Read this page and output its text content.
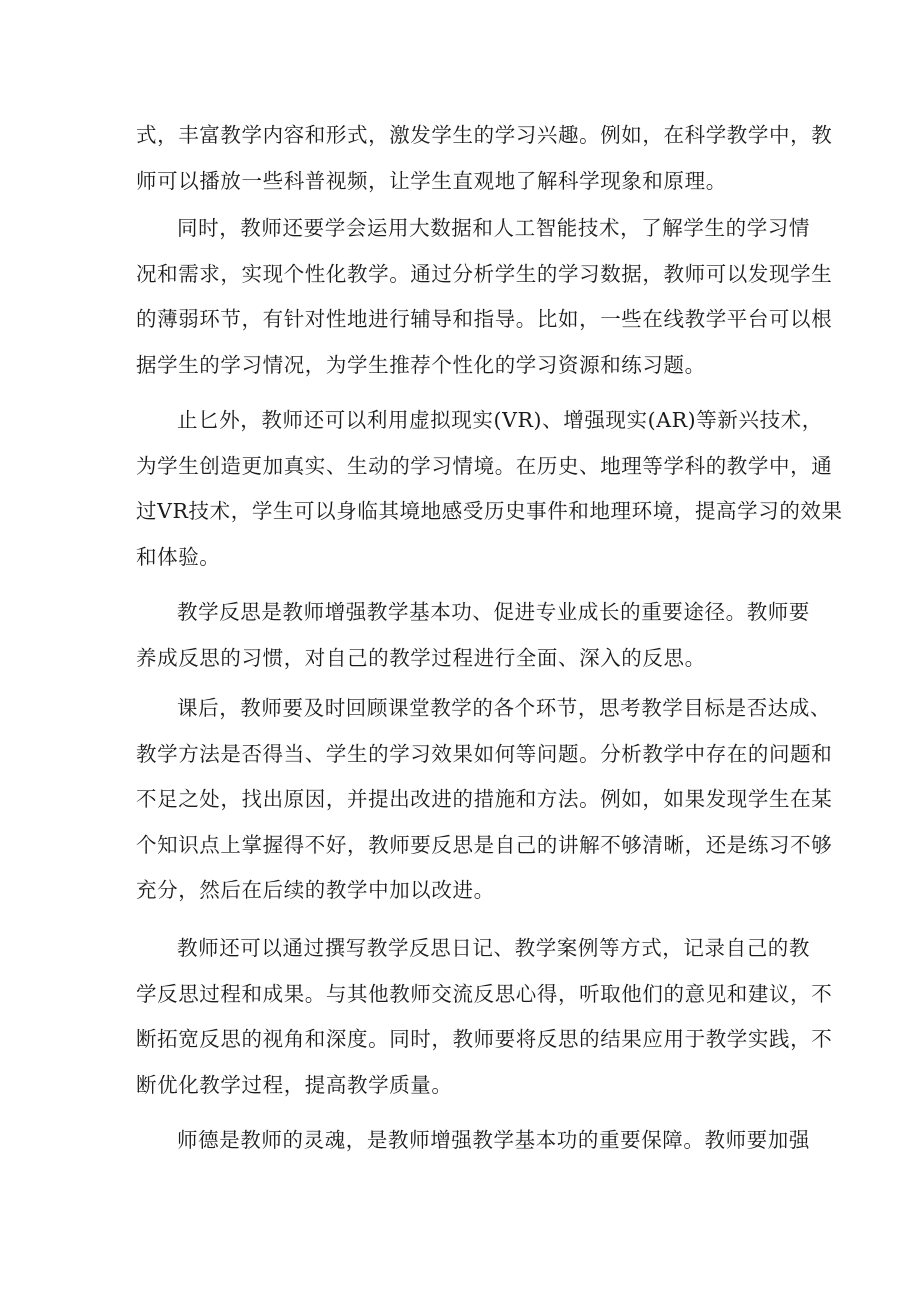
式，丰富教学内容和形式，激发学生的学习兴趣。例如，在科学教学中，教
师可以播放一些科普视频，让学生直观地了解科学现象和原理。
同时，教师还要学会运用大数据和人工智能技术，了解学生的学习情
况和需求，实现个性化教学。通过分析学生的学习数据，教师可以发现学生
的薄弱环节，有针对性地进行辅导和指导。比如，一些在线教学平台可以根
据学生的学习情况，为学生推荐个性化的学习资源和练习题。
止匕外，教师还可以利用虚拟现实(VR)、增强现实(AR)等新兴技术，
为学生创造更加真实、生动的学习情境。在历史、地理等学科的教学中，通
过VR技术，学生可以身临其境地感受历史事件和地理环境，提高学习的效果
和体验。
教学反思是教师增强教学基本功、促进专业成长的重要途径。教师要
养成反思的习惯，对自己的教学过程进行全面、深入的反思。
课后，教师要及时回顾课堂教学的各个环节，思考教学目标是否达成、
教学方法是否得当、学生的学习效果如何等问题。分析教学中存在的问题和
不足之处，找出原因，并提出改进的措施和方法。例如，如果发现学生在某
个知识点上掌握得不好，教师要反思是自己的讲解不够清晰，还是练习不够
充分，然后在后续的教学中加以改进。
教师还可以通过撰写教学反思日记、教学案例等方式，记录自己的教
学反思过程和成果。与其他教师交流反思心得，听取他们的意见和建议，不
断拓宽反思的视角和深度。同时，教师要将反思的结果应用于教学实践，不
断优化教学过程，提高教学质量。
师德是教师的灵魂，是教师增强教学基本功的重要保障。教师要加强
